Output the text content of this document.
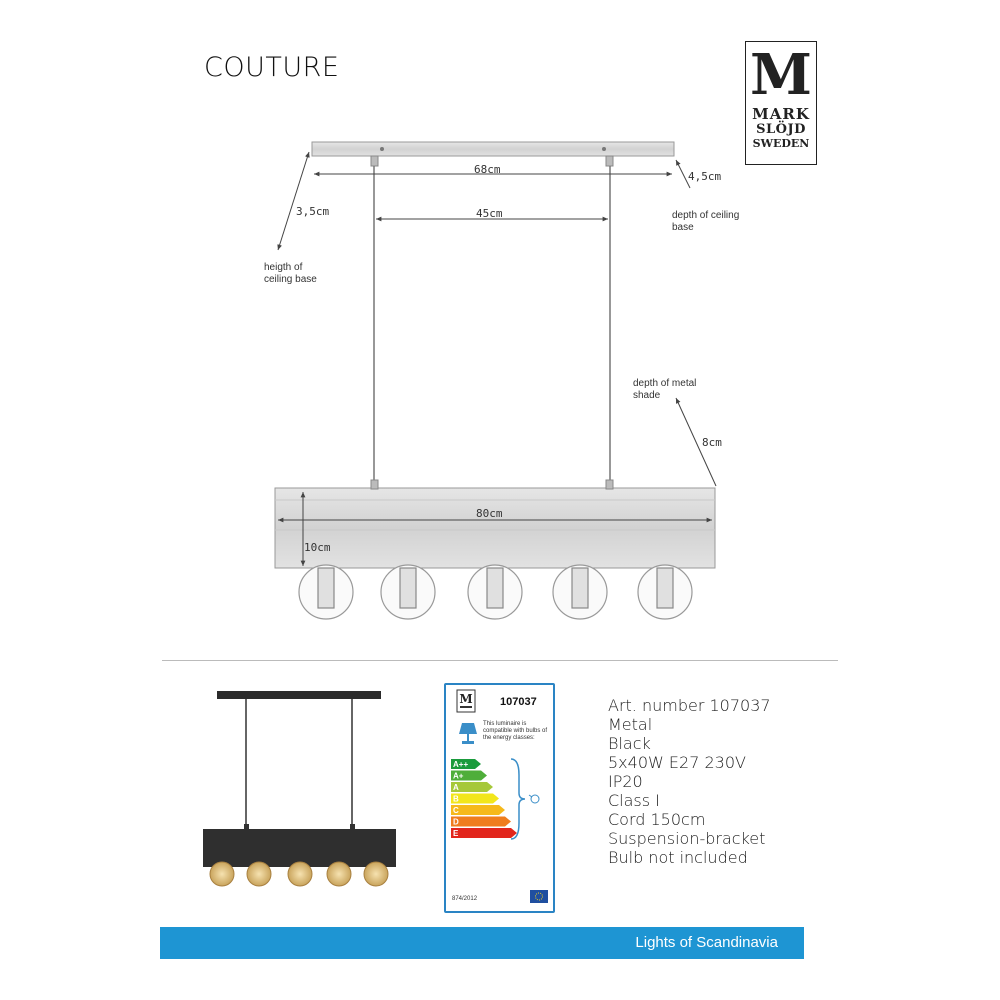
COUTURE	M
MARK
SLÖJD
SWEDEN
68cm
4,5cm
45cm
3,5cm
8cm
80cm
10cm
depth of ceiling
base
heigth of
ceiling base
depth of metal
shade
M 107037
This luminaire is compatible with bulbs of the energy classes:
A++
A+
A
B
C
D
E
874/2012
Art. number 107037
Metal
Black
5x40W E27 230V
IP20
Class I
Cord 150cm
Suspension-bracket
Bulb not included
Lights of Scandinavia
